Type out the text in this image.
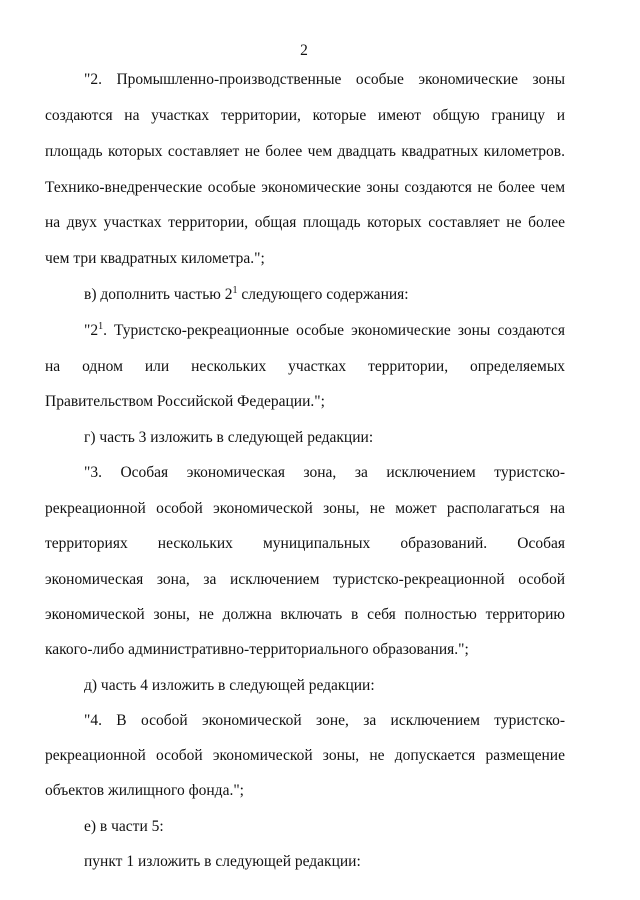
2
"2. Промышленно-производственные особые экономические зоны
создаются на участках территории, которые имеют общую границу и
площадь которых составляет не более чем двадцать квадратных километров.
Технико-внедренческие особые экономические зоны создаются не более чем
на двух участках территории, общая площадь которых составляет не более
чем три квадратных километра.";
в) дополнить частью $2^1$ следующего содержания:
"$2^1$. Туристско-рекреационные особые экономические зоны создаются
на одном или нескольких участках территории, определяемых
Правительством Российской Федерации.";
г) часть 3 изложить в следующей редакции:
"3. Особая экономическая зона, за исключением туристско-
рекреационной особой экономической зоны, не может располагаться на
территориях нескольких муниципальных образований. Особая
экономическая зона, за исключением туристско-рекреационной особой
экономической зоны, не должна включать в себя полностью территорию
какого-либо административно-территориального образования.";
д) часть 4 изложить в следующей редакции:
"4. В особой экономической зоне, за исключением туристско-
рекреационной особой экономической зоны, не допускается размещение
объектов жилищного фонда.";
е) в части 5:
пункт 1 изложить в следующей редакции:
